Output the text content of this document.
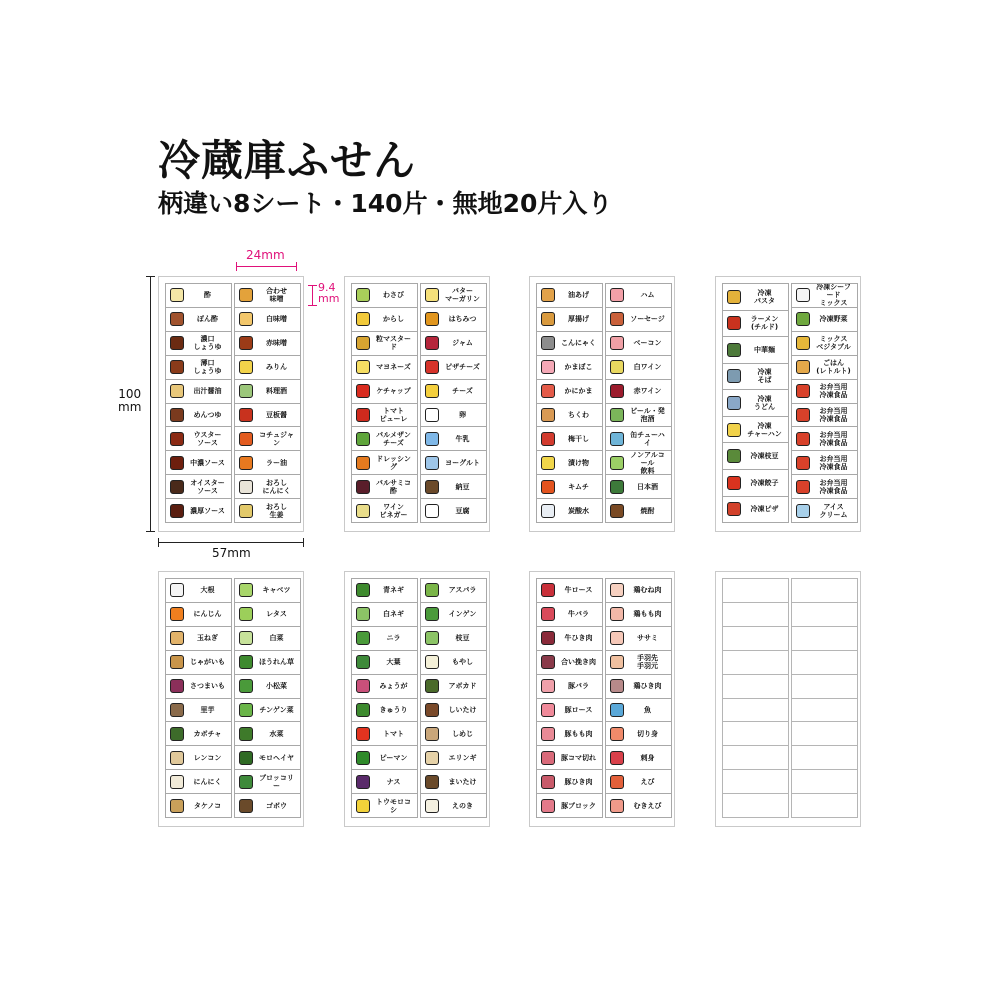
冷蔵庫ふせん
柄違い8シート・140片・無地20片入り
24mm
9.4
mm
100
mm
57mm
酢
ぽん酢
濃口
しょうゆ
薄口
しょうゆ
出汁醤油
めんつゆ
ウスター
ソース
中濃ソース
オイスター
ソース
濃厚ソース
合わせ
味噌
白味噌
赤味噌
みりん
料理酒
豆板醤
コチュジャン
ラー油
おろし
にんにく
おろし
生姜
わさび
からし
粒マスタード
マヨネーズ
ケチャップ
トマト
ピューレ
パルメザン
チーズ
ドレッシング
バルサミコ酢
ワイン
ビネガー
バター
マーガリン
はちみつ
ジャム
ピザチーズ
チーズ
卵
牛乳
ヨーグルト
納豆
豆腐
油あげ
厚揚げ
こんにゃく
かまぼこ
かにかま
ちくわ
梅干し
漬け物
キムチ
炭酸水
ハム
ソーセージ
ベーコン
白ワイン
赤ワイン
ビール・発泡酒
缶チューハイ
ノンアルコール
飲料
日本酒
焼酎
冷凍
パスタ
ラーメン
(チルド)
中華麺
冷凍
そば
冷凍
うどん
冷凍
チャーハン
冷凍枝豆
冷凍餃子
冷凍ピザ
冷凍シーフード
ミックス
冷凍野菜
ミックス
ベジタブル
ごはん
(レトルト)
お弁当用
冷凍食品
お弁当用
冷凍食品
お弁当用
冷凍食品
お弁当用
冷凍食品
お弁当用
冷凍食品
アイス
クリーム
大根
にんじん
玉ねぎ
じゃがいも
さつまいも
里芋
カボチャ
レンコン
にんにく
タケノコ
キャベツ
レタス
白菜
ほうれん草
小松菜
チンゲン菜
水菜
モロヘイヤ
ブロッコリー
ゴボウ
青ネギ
白ネギ
ニラ
大葉
みょうが
きゅうり
トマト
ピーマン
ナス
トウモロコシ
アスパラ
インゲン
枝豆
もやし
アボカド
しいたけ
しめじ
エリンギ
まいたけ
えのき
牛ロース
牛バラ
牛ひき肉
合い挽き肉
豚バラ
豚ロース
豚もも肉
豚コマ切れ
豚ひき肉
豚ブロック
鶏むね肉
鶏もも肉
ササミ
手羽先
手羽元
鶏ひき肉
魚
切り身
刺身
えび
むきえび
